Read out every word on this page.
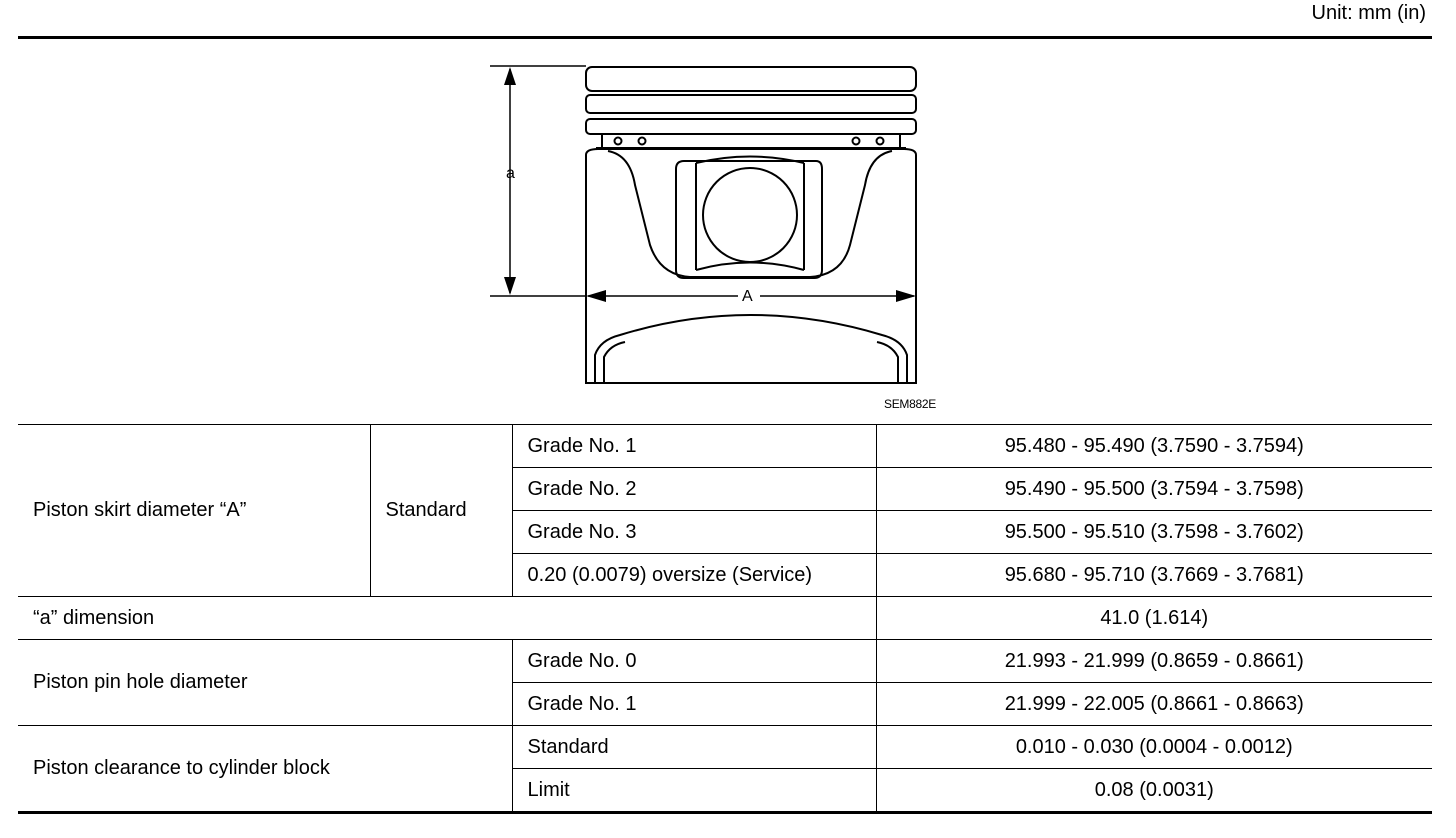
Unit: mm (in)
a
A
SEM882E
Piston skirt diameter “A”	Standard	Grade No. 1	95.480 - 95.490 (3.7590 - 3.7594)
		Grade No. 2	95.490 - 95.500 (3.7594 - 3.7598)
		Grade No. 3	95.500 - 95.510 (3.7598 - 3.7602)
		0.20 (0.0079) oversize (Service)	95.680 - 95.710 (3.7669 - 3.7681)
“a” dimension			41.0 (1.614)
Piston pin hole diameter		Grade No. 0	21.993 - 21.999 (0.8659 - 0.8661)
		Grade No. 1	21.999 - 22.005 (0.8661 - 0.8663)
Piston clearance to cylinder block		Standard	0.010 - 0.030 (0.0004 - 0.0012)
		Limit	0.08 (0.0031)
